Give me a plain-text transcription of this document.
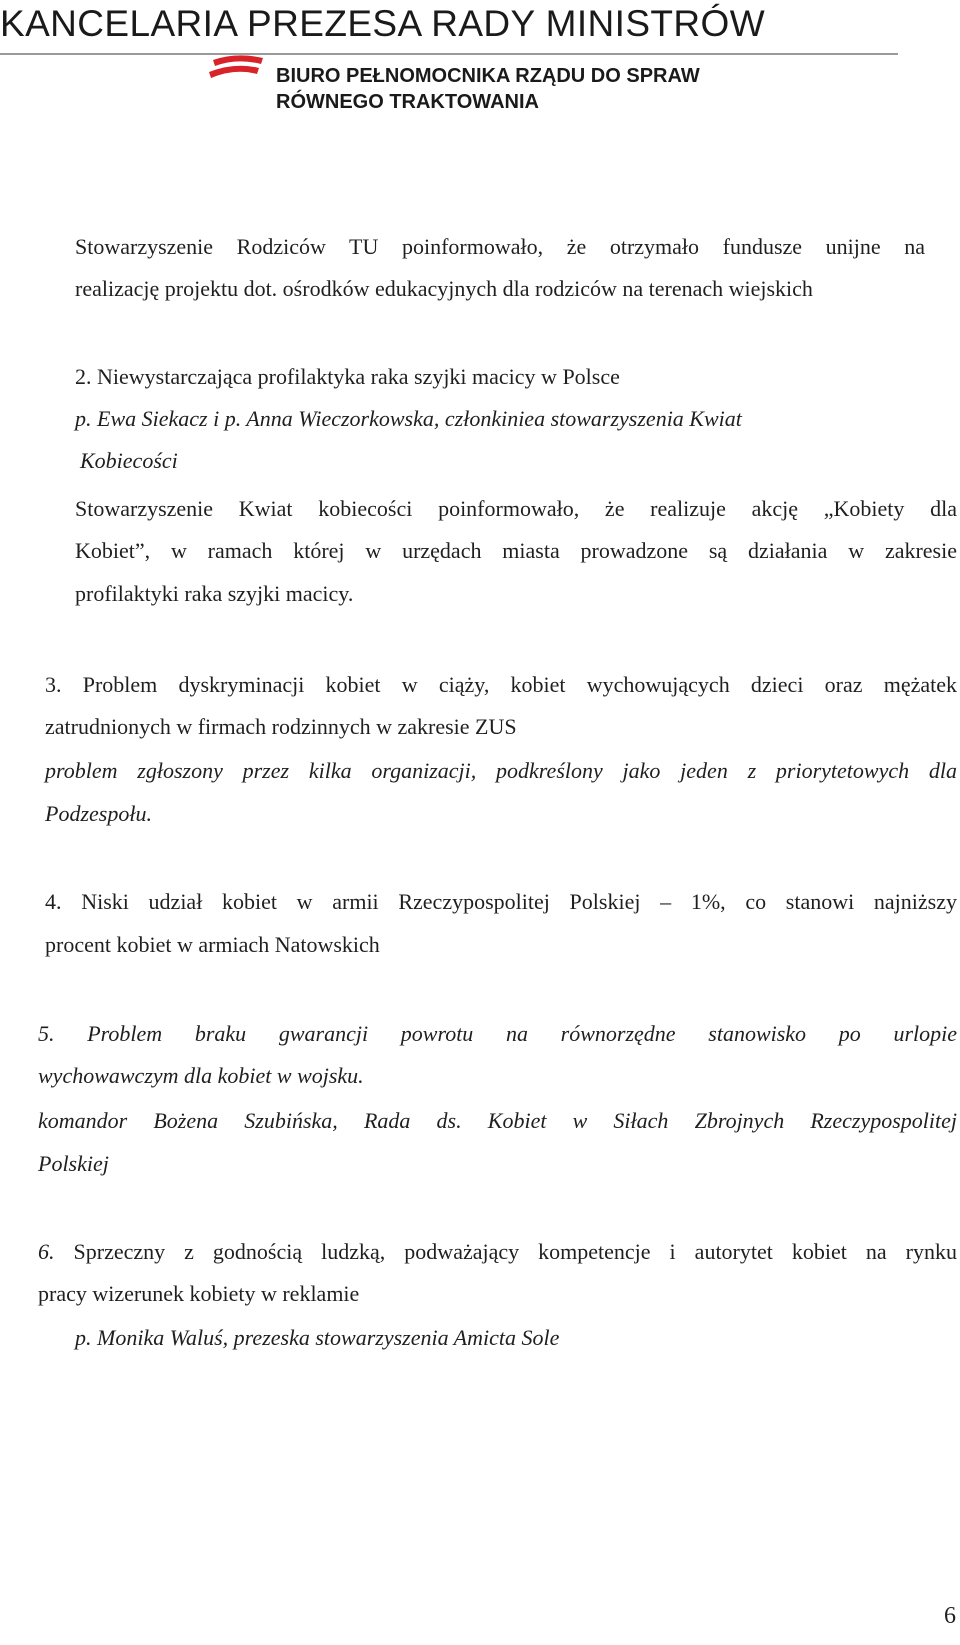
KANCELARIA PREZESA RADY MINISTRÓW
BIURO PEŁNOMOCNIKA RZĄDU DO SPRAW
RÓWNEGO TRAKTOWANIA
Stowarzyszenie Rodziców TU poinformowało, że otrzymało fundusze unijne na
realizację projektu dot. ośrodków edukacyjnych dla rodziców na terenach wiejskich
2. Niewystarczająca profilaktyka raka szyjki macicy w Polsce
p. Ewa Siekacz i p. Anna Wieczorkowska, członkiniea stowarzyszenia Kwiat
Kobiecości
Stowarzyszenie Kwiat kobiecości poinformowało, że realizuje akcję „Kobiety dla
Kobiet”, w ramach której w urzędach miasta prowadzone są działania w zakresie
profilaktyki raka szyjki macicy.
3. Problem dyskryminacji kobiet w ciąży, kobiet wychowujących dzieci oraz mężatek
zatrudnionych w firmach rodzinnych w zakresie ZUS
problem zgłoszony przez kilka organizacji, podkreślony jako jeden z priorytetowych dla
Podzespołu.
4. Niski udział kobiet w armii Rzeczypospolitej Polskiej – 1%, co stanowi najniższy
procent kobiet w armiach Natowskich
5. Problem braku gwarancji powrotu na równorzędne stanowisko po urlopie
wychowawczym dla kobiet w wojsku.
komandor Bożena Szubińska, Rada ds. Kobiet w Siłach Zbrojnych Rzeczypospolitej
Polskiej
6. Sprzeczny z godnością ludzką, podważający kompetencje i autorytet kobiet na rynku
pracy wizerunek kobiety w reklamie
p. Monika Waluś, prezeska stowarzyszenia Amicta Sole
6
